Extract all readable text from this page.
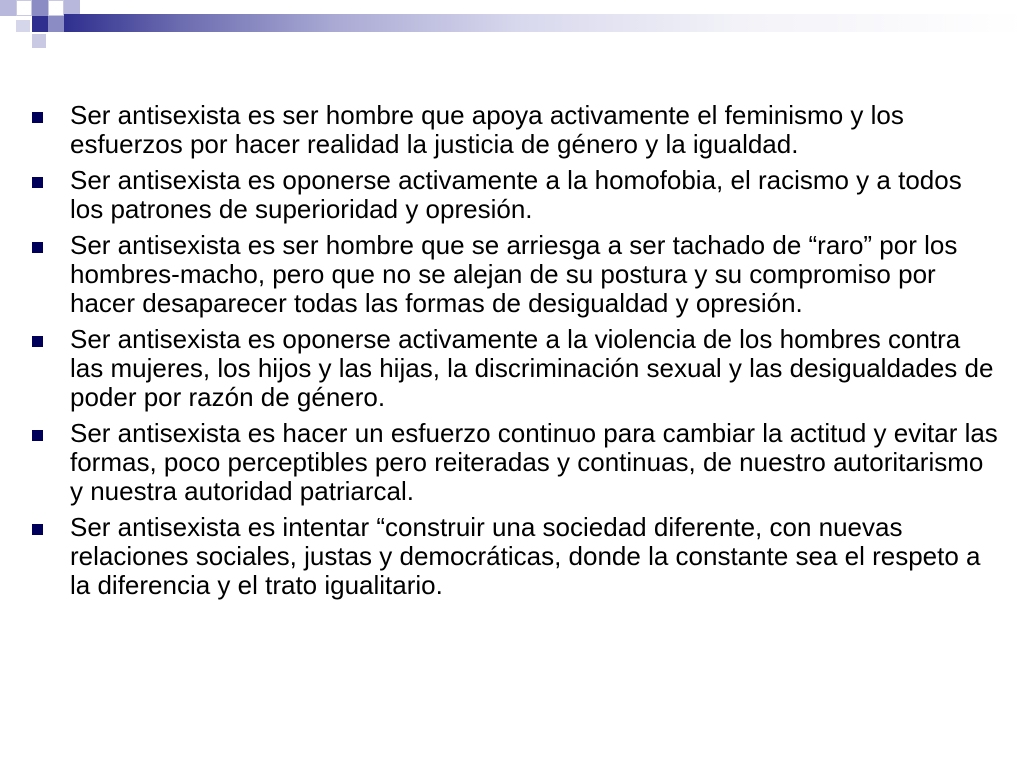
Ser antisexista es ser hombre que apoya activamente el feminismo y los esfuerzos por hacer realidad la justicia de género y la igualdad.
Ser antisexista es oponerse activamente a la homofobia, el racismo y a todos los patrones de superioridad y opresión.
Ser antisexista es ser hombre que se arriesga a ser tachado de “raro” por los hombres-macho, pero que no se alejan de su postura y su compromiso por hacer desaparecer todas las formas de desigualdad y opresión.
Ser antisexista es oponerse activamente a la violencia de los hombres contra las mujeres, los hijos y las hijas, la discriminación sexual y las desigualdades de poder por razón de género.
Ser antisexista es hacer un esfuerzo continuo para cambiar la actitud y evitar las formas, poco perceptibles pero reiteradas y continuas, de nuestro autoritarismo y nuestra autoridad patriarcal.
Ser antisexista es intentar “construir una sociedad diferente, con nuevas relaciones sociales, justas y democráticas, donde la constante sea el respeto a la diferencia y el trato igualitario.
